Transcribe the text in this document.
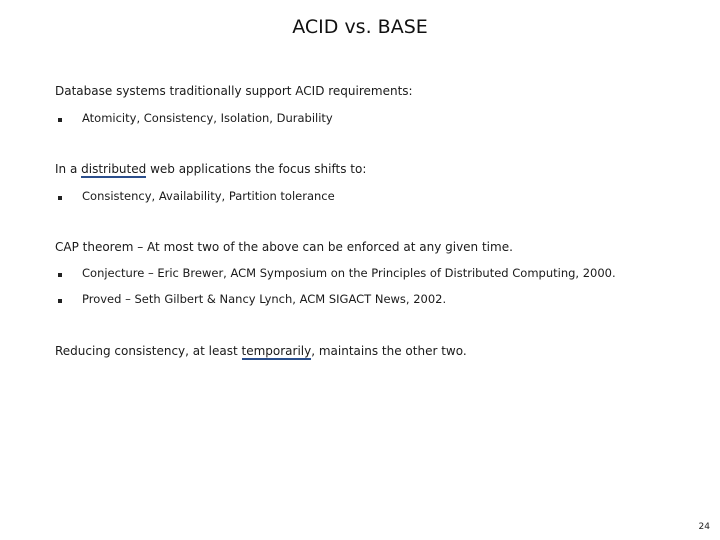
ACID vs. BASE
Database systems traditionally support ACID requirements:
Atomicity, Consistency, Isolation, Durability
In a distributed web applications the focus shifts to:
Consistency, Availability, Partition tolerance
CAP theorem – At most two of the above can be enforced at any given time.
Conjecture – Eric Brewer, ACM Symposium on the Principles of Distributed Computing, 2000.
Proved – Seth Gilbert & Nancy Lynch, ACM SIGACT News, 2002.
Reducing consistency, at least temporarily, maintains the other two.
24
